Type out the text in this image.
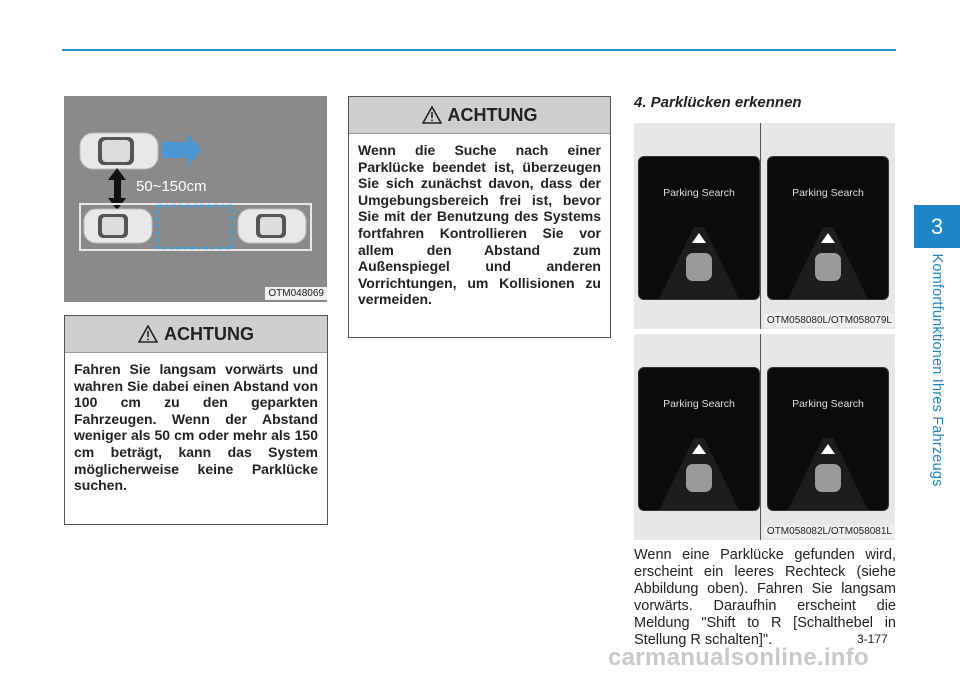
3
Komfortfunktionen Ihres Fahrzeugs
50~150cm
OTM048069
ACHTUNG
Fahren Sie langsam vorwärts und wahren Sie dabei einen Abstand von 100 cm zu den geparkten Fahrzeugen. Wenn der Abstand weniger als 50 cm oder mehr als 150 cm beträgt, kann das System möglicherweise keine Parklücke suchen.
ACHTUNG
Wenn die Suche nach einer Parklücke beendet ist, überzeugen Sie sich zunächst davon, dass der Umgebungsbereich frei ist, bevor Sie mit der Benutzung des Systems fortfahren Kontrollieren Sie vor allem den Abstand zum Außenspiegel und anderen Vorrichtungen, um Kollisionen zu vermeiden.
4. Parklücken erkennen
Parking Search	Parking Search
OTM058080L/OTM058079L
Parking Search	Parking Search
OTM058082L/OTM058081L
Wenn eine Parklücke gefunden wird, erscheint ein leeres Rechteck (siehe Abbildung oben). Fahren Sie langsam vorwärts. Daraufhin erscheint die Meldung "Shift to R [Schalthebel in Stellung R schalten]".	3-177
carmanualsonline.info
